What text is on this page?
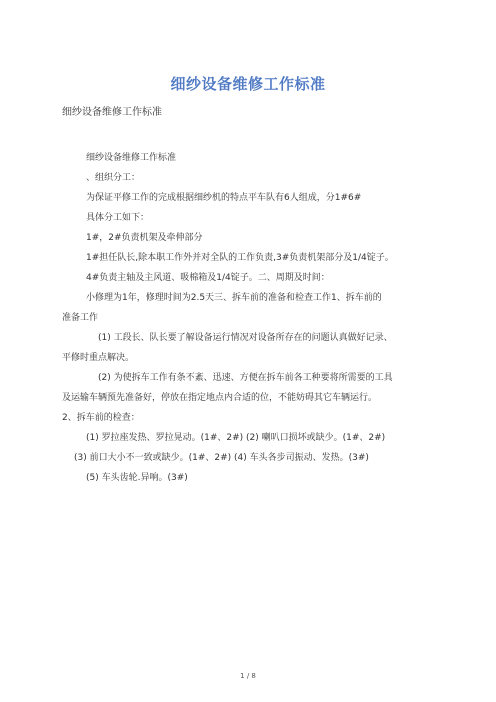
细纱设备维修工作标准
细纱设备维修工作标准

细纱设备维修工作标准

、组织分工：

为保证平修工作的完成根据细纱机的特点平车队有6人组成，分1#6#

具体分工如下：

1#，2#负责机架及牵伸部分

1#担任队长,除本职工作外并对全队的工作负责,3#负责机架部分及1/4锭子。

4#负责主轴及主风道、吸棉箱及1/4锭子。二、周期及时间：

小修理为1年，修理时间为2.5天三、拆车前的准备和检查工作1、拆车前的

准备工作

(1) 工段长、队长要了解设备运行情况对设备所存在的问题认真做好记录、

平修时重点解决。

(2) 为使拆车工作有条不紊、迅速、方便在拆车前各工种要将所需要的工具

及运输车辆预先准备好，停放在指定地点内合适的位，不能妨碍其它车辆运行。

2、拆车前的检查：

(1) 罗拉座发热、罗拉晃动。(1#、2#) (2) 喇叭口损坏或缺少。(1#、2#)

(3) 前口大小不一致或缺少。(1#、2#) (4) 车头各步司振动、发热。(3#)

(5) 车头齿轮.异响。(3#)

1 / 8
